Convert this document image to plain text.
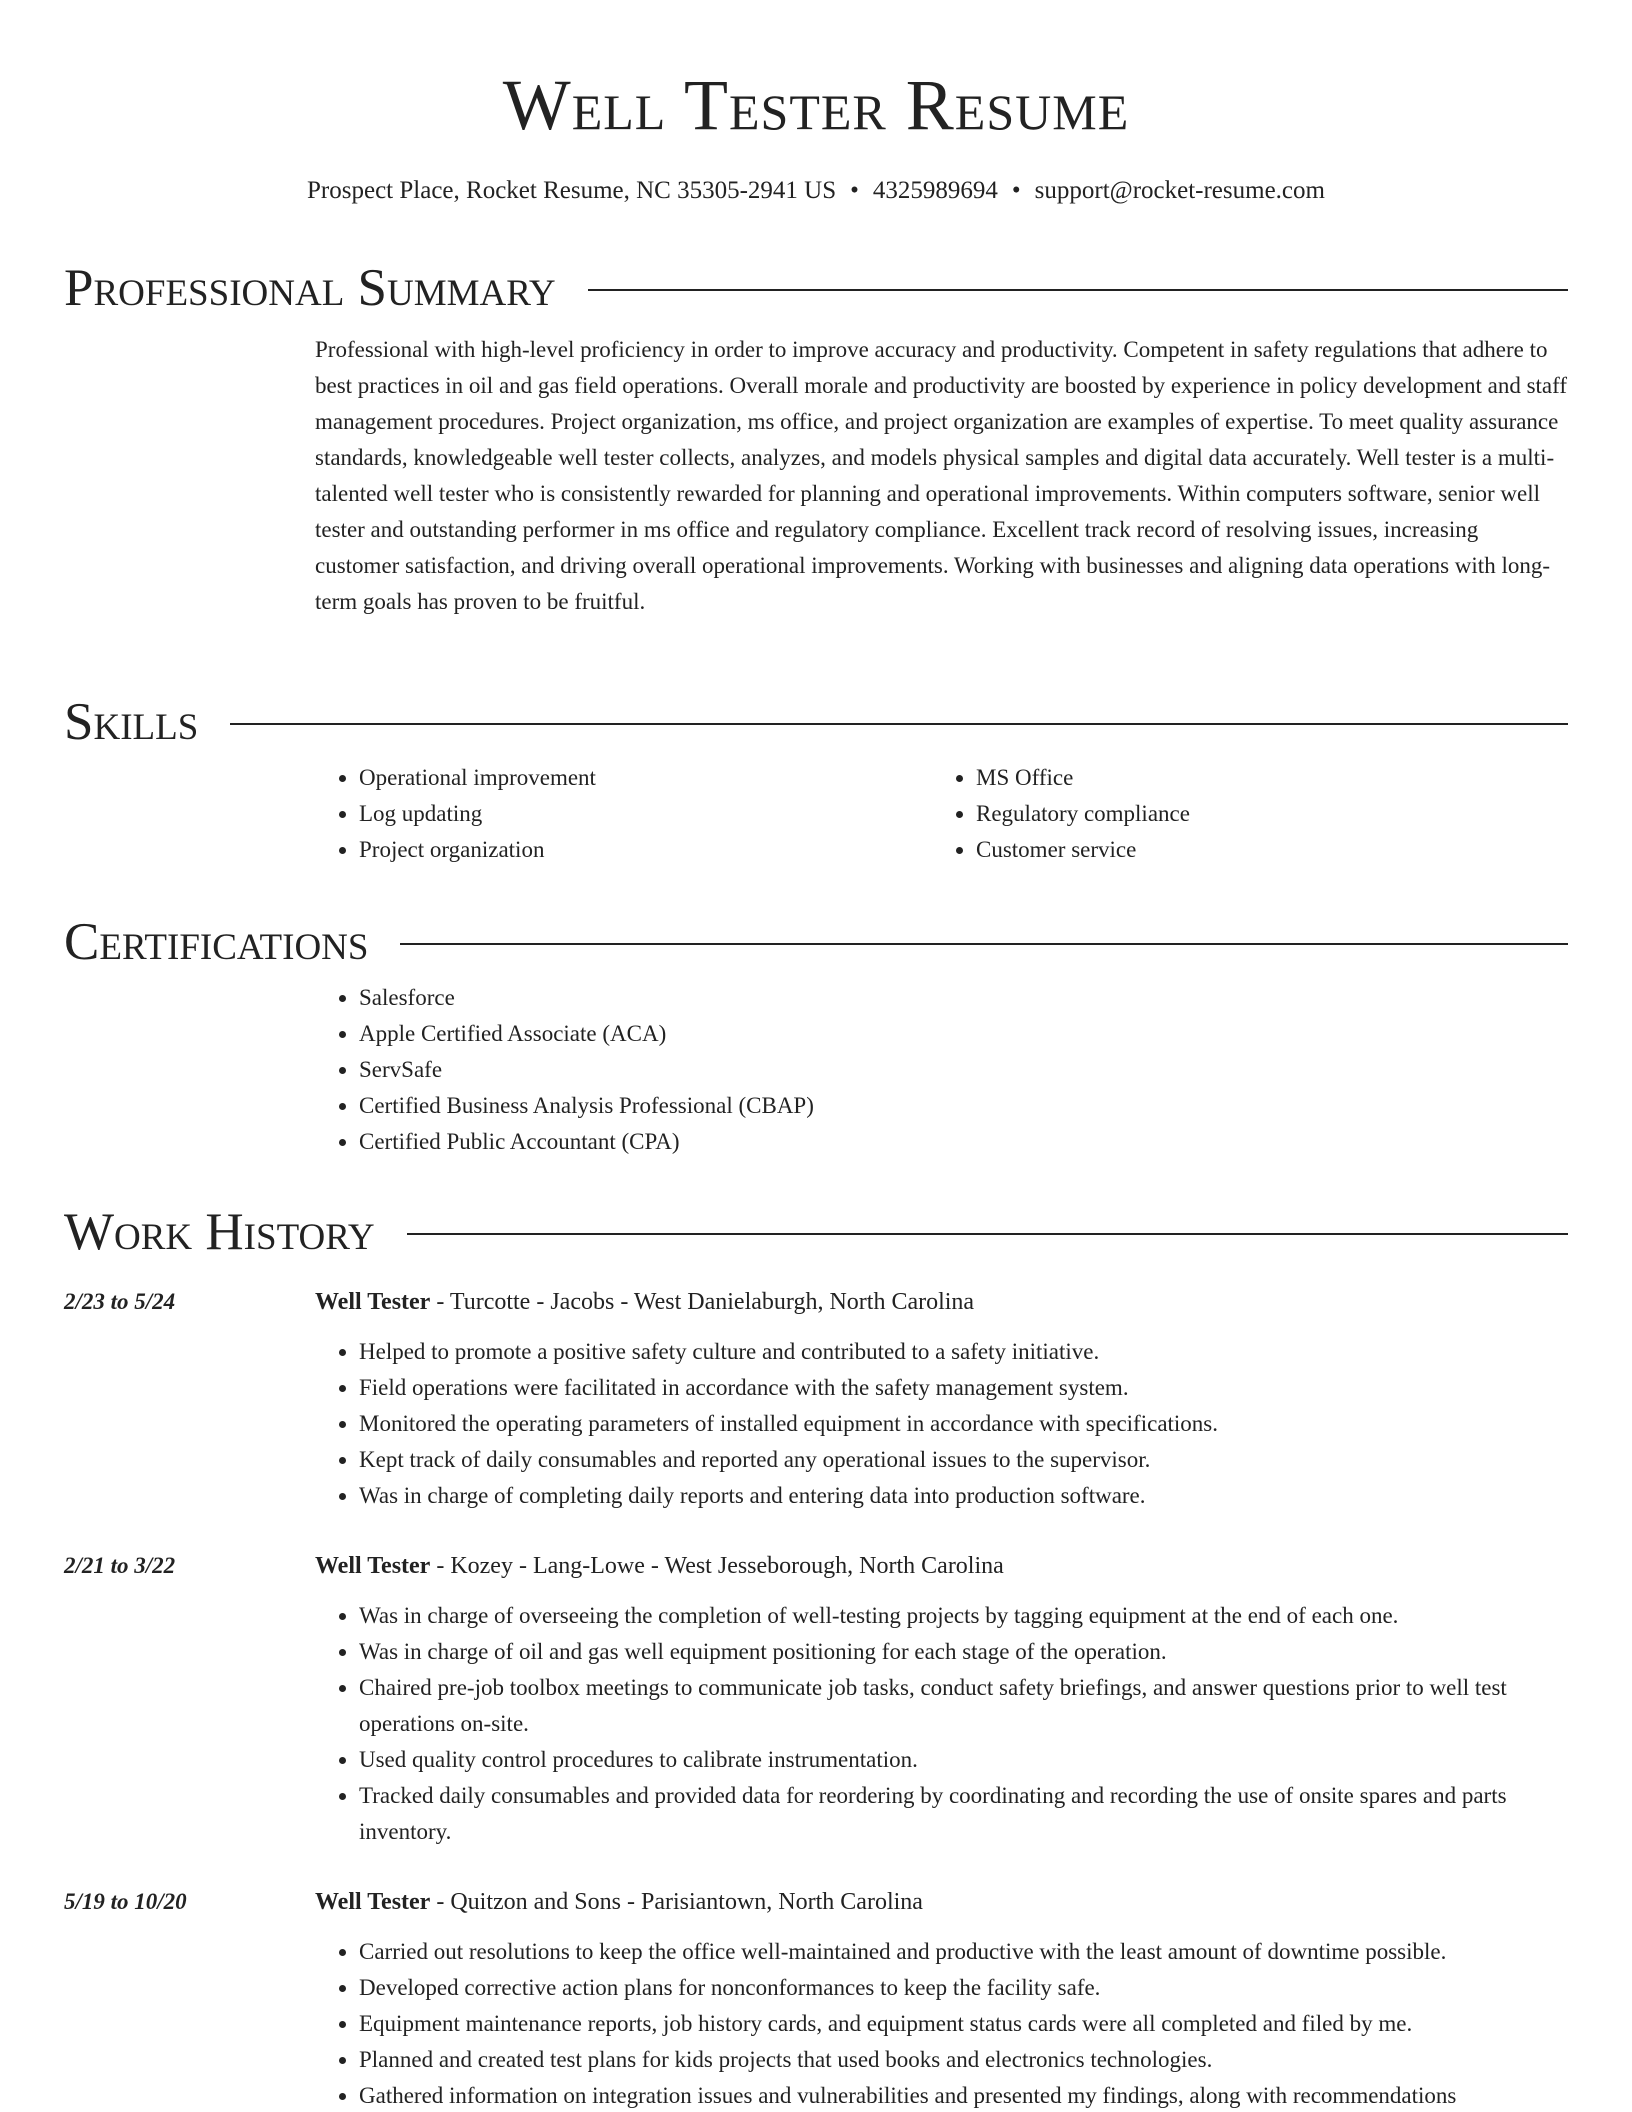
Well Tester Resume
Prospect Place, Rocket Resume, NC 35305-2941 US • 4325989694 • support@rocket-resume.com
Professional Summary

Professional with high-level proficiency in order to improve accuracy and productivity. Competent in safety regulations that adhere to best practices in oil and gas field operations. Overall morale and productivity are boosted by experience in policy development and staff management procedures. Project organization, ms office, and project organization are examples of expertise. To meet quality assurance standards, knowledgeable well tester collects, analyzes, and models physical samples and digital data accurately. Well tester is a multi-talented well tester who is consistently rewarded for planning and operational improvements. Within computers software, senior well tester and outstanding performer in ms office and regulatory compliance. Excellent track record of resolving issues, increasing customer satisfaction, and driving overall operational improvements. Working with businesses and aligning data operations with long-term goals has proven to be fruitful.

Skills
• Operational improvement
• Log updating
• Project organization
• MS Office
• Regulatory compliance
• Customer service
Certifications
• Salesforce
• Apple Certified Associate (ACA)
• ServSafe
• Certified Business Analysis Professional (CBAP)
• Certified Public Accountant (CPA)
Work History
2/23 to 5/24	Well Tester - Turcotte - Jacobs - West Danielaburgh, North Carolina
• Helped to promote a positive safety culture and contributed to a safety initiative.
• Field operations were facilitated in accordance with the safety management system.
• Monitored the operating parameters of installed equipment in accordance with specifications.
• Kept track of daily consumables and reported any operational issues to the supervisor.
• Was in charge of completing daily reports and entering data into production software.
2/21 to 3/22	Well Tester - Kozey - Lang-Lowe - West Jesseborough, North Carolina
• Was in charge of overseeing the completion of well-testing projects by tagging equipment at the end of each one.
• Was in charge of oil and gas well equipment positioning for each stage of the operation.
• Chaired pre-job toolbox meetings to communicate job tasks, conduct safety briefings, and answer questions prior to well test operations on-site.
• Used quality control procedures to calibrate instrumentation.
• Tracked daily consumables and provided data for reordering by coordinating and recording the use of onsite spares and parts inventory.
5/19 to 10/20	Well Tester - Quitzon and Sons - Parisiantown, North Carolina
• Carried out resolutions to keep the office well-maintained and productive with the least amount of downtime possible.
• Developed corrective action plans for nonconformances to keep the facility safe.
• Equipment maintenance reports, job history cards, and equipment status cards were all completed and filed by me.
• Planned and created test plans for kids projects that used books and electronics technologies.
• Gathered information on integration issues and vulnerabilities and presented my findings, along with recommendations
